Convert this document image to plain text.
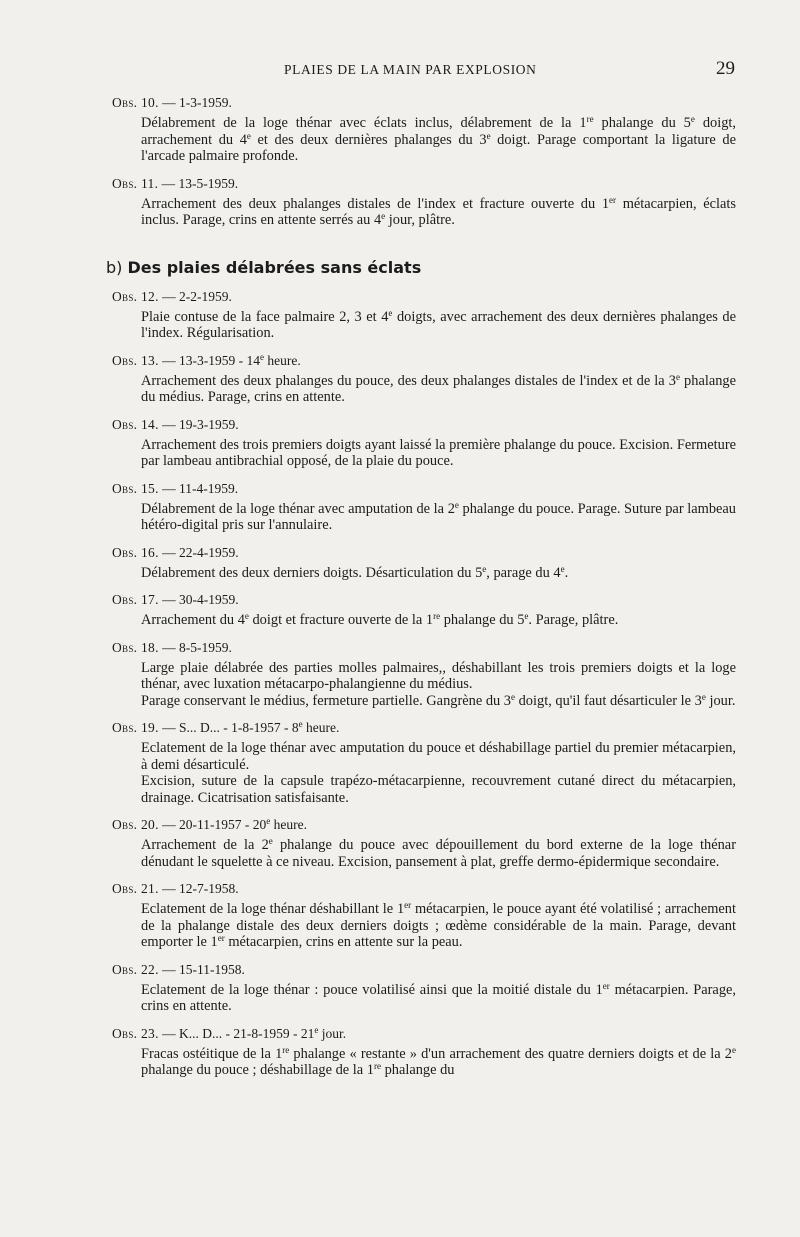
PLAIES DE LA MAIN PAR EXPLOSION	29
Obs. 10. — 1-3-1959.

Délabrement de la loge thénar avec éclats inclus, délabrement de la 1re phalange du 5e doigt, arrachement du 4e et des deux dernières phalanges du 3e doigt. Parage comportant la ligature de l'arcade palmaire profonde.

Obs. 11. — 13-5-1959.

Arrachement des deux phalanges distales de l'index et fracture ouverte du 1er métacarpien, éclats inclus. Parage, crins en attente serrés au 4e jour, plâtre.

b) Des plaies délabrées sans éclats
Obs. 12. — 2-2-1959.

Plaie contuse de la face palmaire 2, 3 et 4e doigts, avec arrachement des deux dernières phalanges de l'index. Régularisation.

Obs. 13. — 13-3-1959 - 14e heure.

Arrachement des deux phalanges du pouce, des deux phalanges distales de l'index et de la 3e phalange du médius. Parage, crins en attente.

Obs. 14. — 19-3-1959.

Arrachement des trois premiers doigts ayant laissé la première phalange du pouce. Excision. Fermeture par lambeau antibrachial opposé, de la plaie du pouce.

Obs. 15. — 11-4-1959.

Délabrement de la loge thénar avec amputation de la 2e phalange du pouce. Parage. Suture par lambeau hétéro-digital pris sur l'annulaire.

Obs. 16. — 22-4-1959.

Délabrement des deux derniers doigts. Désarticulation du 5e, parage du 4e.

Obs. 17. — 30-4-1959.

Arrachement du 4e doigt et fracture ouverte de la 1re phalange du 5e. Parage, plâtre.

Obs. 18. — 8-5-1959.

Large plaie délabrée des parties molles palmaires,, déshabillant les trois premiers doigts et la loge thénar, avec luxation métacarpo-phalangienne du médius.

Parage conservant le médius, fermeture partielle. Gangrène du 3e doigt, qu'il faut désarticuler le 3e jour.

Obs. 19. — S... D... - 1-8-1957 - 8e heure.

Eclatement de la loge thénar avec amputation du pouce et déshabillage partiel du premier métacarpien, à demi désarticulé.

Excision, suture de la capsule trapézo-métacarpienne, recouvrement cutané direct du métacarpien, drainage. Cicatrisation satisfaisante.

Obs. 20. — 20-11-1957 - 20e heure.

Arrachement de la 2e phalange du pouce avec dépouillement du bord externe de la loge thénar dénudant le squelette à ce niveau. Excision, pansement à plat, greffe dermo-épidermique secondaire.

Obs. 21. — 12-7-1958.

Eclatement de la loge thénar déshabillant le 1er métacarpien, le pouce ayant été volatilisé ; arrachement de la phalange distale des deux derniers doigts ; œdème considérable de la main. Parage, devant emporter le 1er métacarpien, crins en attente sur la peau.

Obs. 22. — 15-11-1958.

Eclatement de la loge thénar : pouce volatilisé ainsi que la moitié distale du 1er métacarpien. Parage, crins en attente.

Obs. 23. — K... D... - 21-8-1959 - 21e jour.

Fracas ostéitique de la 1re phalange « restante » d'un arrachement des quatre derniers doigts et de la 2e phalange du pouce ; déshabillage de la 1re phalange du
